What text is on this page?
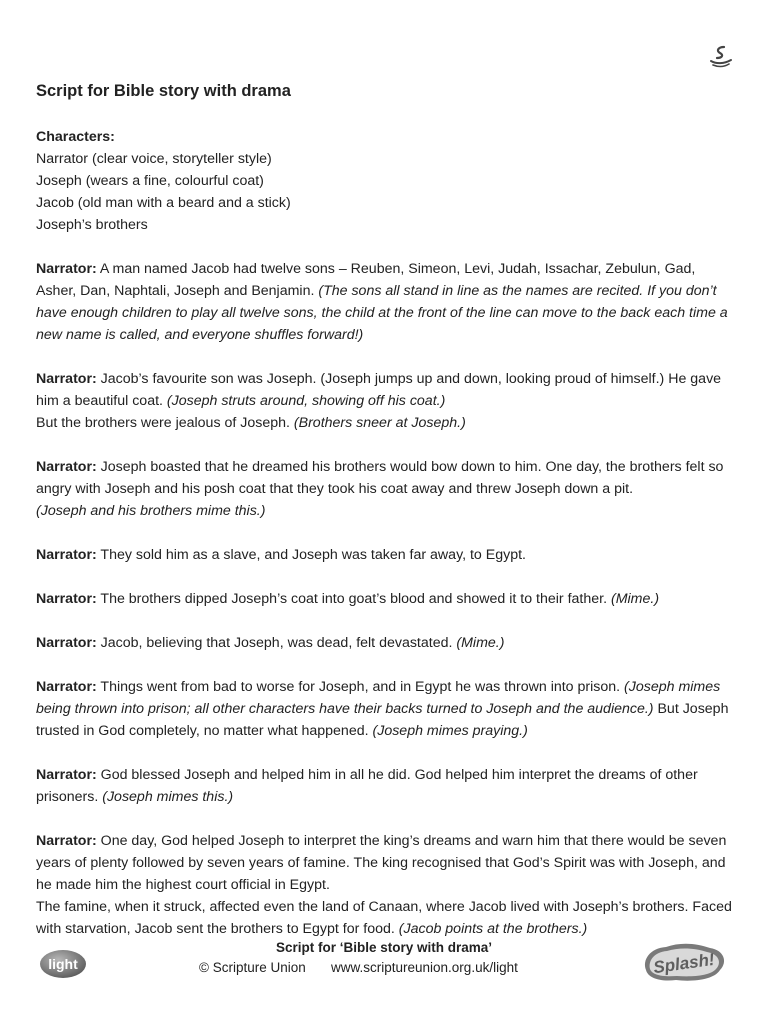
Script for Bible story with drama
Characters:
Narrator (clear voice, storyteller style)
Joseph (wears a fine, colourful coat)
Jacob (old man with a beard and a stick)
Joseph’s brothers
Narrator: A man named Jacob had twelve sons – Reuben, Simeon, Levi, Judah, Issachar, Zebulun, Gad, Asher, Dan, Naphtali, Joseph and Benjamin. (The sons all stand in line as the names are recited. If you don’t have enough children to play all twelve sons, the child at the front of the line can move to the back each time a new name is called, and everyone shuffles forward!)
Narrator: Jacob’s favourite son was Joseph. (Joseph jumps up and down, looking proud of himself.) He gave him a beautiful coat. (Joseph struts around, showing off his coat.)
But the brothers were jealous of Joseph. (Brothers sneer at Joseph.)
Narrator: Joseph boasted that he dreamed his brothers would bow down to him. One day, the brothers felt so angry with Joseph and his posh coat that they took his coat away and threw Joseph down a pit.
(Joseph and his brothers mime this.)
Narrator: They sold him as a slave, and Joseph was taken far away, to Egypt.
Narrator: The brothers dipped Joseph’s coat into goat’s blood and showed it to their father. (Mime.)
Narrator: Jacob, believing that Joseph, was dead, felt devastated. (Mime.)
Narrator: Things went from bad to worse for Joseph, and in Egypt he was thrown into prison. (Joseph mimes being thrown into prison; all other characters have their backs turned to Joseph and the audience.) But Joseph trusted in God completely, no matter what happened. (Joseph mimes praying.)
Narrator: God blessed Joseph and helped him in all he did. God helped him interpret the dreams of other prisoners. (Joseph mimes this.)
Narrator: One day, God helped Joseph to interpret the king’s dreams and warn him that there would be seven years of plenty followed by seven years of famine. The king recognised that God’s Spirit was with Joseph, and he made him the highest court official in Egypt.
The famine, when it struck, affected even the land of Canaan, where Jacob lived with Joseph’s brothers. Faced with starvation, Jacob sent the brothers to Egypt for food. (Jacob points at the brothers.)
light
Script for ‘Bible story with drama’
© Scripture Union www.scriptureunion.org.uk/light	Splash!
